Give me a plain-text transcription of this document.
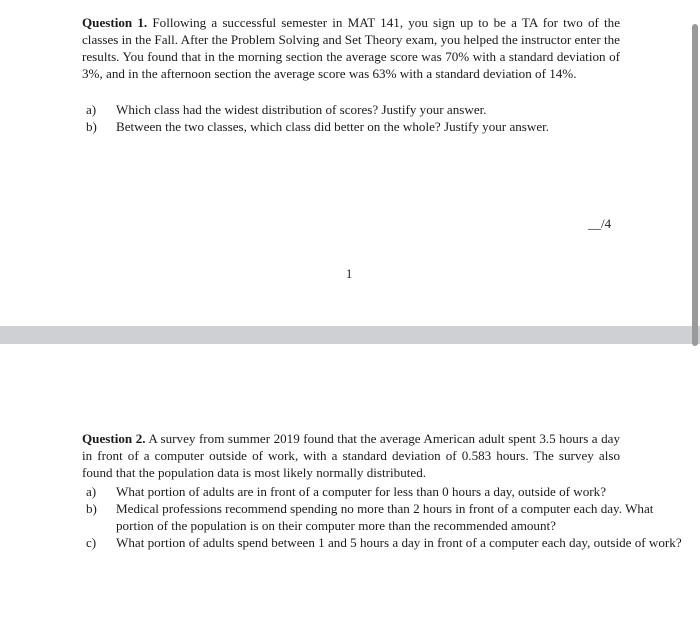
Question 1. Following a successful semester in MAT 141, you sign up to be a TA for two of the classes in the Fall. After the Problem Solving and Set Theory exam, you helped the instructor enter the results. You found that in the morning section the average score was 70% with a standard deviation of 3%, and in the afternoon section the average score was 63% with a standard deviation of 14%.
a)	Which class had the widest distribution of scores? Justify your answer.
b)	Between the two classes, which class did better on the whole? Justify your answer.
__/4
1
Question 2. A survey from summer 2019 found that the average American adult spent 3.5 hours a day in front of a computer outside of work, with a standard deviation of 0.583 hours. The survey also found that the population data is most likely normally distributed.
a)	What portion of adults are in front of a computer for less than 0 hours a day, outside of work?
b)	Medical professions recommend spending no more than 2 hours in front of a computer each day. What portion of the population is on their computer more than the recommended amount?
c)	What portion of adults spend between 1 and 5 hours a day in front of a computer each day, outside of work?
